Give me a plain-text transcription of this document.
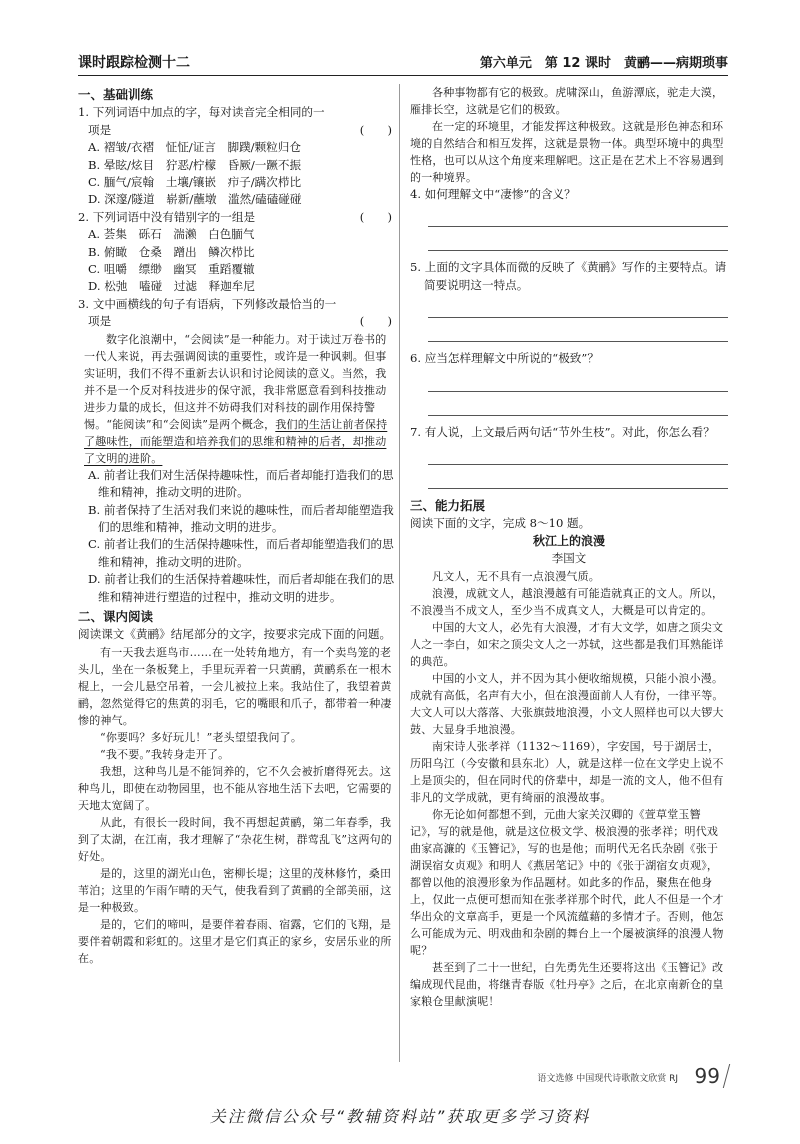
课时跟踪检测十二	第六单元　第 12 课时　黄鹂——病期琐事
一、基础训练
1. 下列词语中加点的字，每对读音完全相同的一
项是	(　　)
A. 褶皱/衣褶　怔怔/证言　脚蹼/颗粒归仓
B. 晕眩/炫目　狞恶/柠檬　昏厥/一蹶不振
C. 腼气/宸翰　土壤/镶嵌　疖子/蹒次栉比
D. 深邃/隧道　崭新/蘸墩　滥然/磕磕碰碰
2. 下列词语中没有错别字的一组是	(　　)
A. 荟集　砾石　湍濑　白色腼气
B. 俯瞰　仓桑　蹭出　鳞次栉比
C. 咀嚼　缥缈　幽冥　重蹈覆辙
D. 松弛　嗑碰　过滤　释迦牟尼
3. 文中画横线的句子有语病，下列修改最恰当的一
项是	(　　)
数字化浪潮中，“会阅读”是一种能力。对于读过万卷书的一代人来说，再去强调阅读的重要性，或许是一种讽刺。但事实证明，我们不得不重新去认识和讨论阅读的意义。当然，我并不是一个反对科技进步的保守派，我非常愿意看到科技推动进步力量的成长，但这并不妨碍我们对科技的副作用保持警惕。“能阅读”和“会阅读”是两个概念，我们的生活让前者保持了趣味性，而能塑造和培养我们的思维和精神的后者，却推动了文明的进阶。
A. 前者让我们对生活保持趣味性，而后者却能打造我们的思维和精神，推动文明的进阶。
B. 前者保持了生活对我们来说的趣味性，而后者却能塑造我们的思维和精神，推动文明的进步。
C. 前者让我们的生活保持趣味性，而后者却能塑造我们的思维和精神，推动文明的进阶。
D. 前者让我们的生活保持着趣味性，而后者却能在我们的思维和精神进行塑造的过程中，推动文明的进步。
二、课内阅读
阅读课文《黄鹂》结尾部分的文字，按要求完成下面的问题。
有一天我去逛鸟市……在一处转角地方，有一个卖鸟笼的老头儿，坐在一条板凳上，手里玩弄着一只黄鹂，黄鹂系在一根木棍上，一会儿悬空吊着，一会儿被拉上来。我站住了，我望着黄鹂，忽然觉得它的焦黄的羽毛，它的嘴眼和爪子，都带着一种凄惨的神气。
“你要吗？多好玩儿！”老头望望我问了。
“我不要。”我转身走开了。
我想，这种鸟儿是不能饲养的，它不久会被折磨得死去。这种鸟儿，即使在动物园里，也不能从容地生活下去吧，它需要的天地太宽阔了。
从此，有很长一段时间，我不再想起黄鹂，第二年春季，我到了太湖，在江南，我才理解了“杂花生树，群莺乱飞”这两句的好处。
是的，这里的湖光山色，密柳长堤；这里的茂林修竹，桑田苇泊；这里的乍雨乍晴的天气，使我看到了黄鹂的全部美丽，这是一种极致。
是的，它们的啼叫，是要伴着春雨、宿露，它们的飞翔，是要伴着朝霞和彩虹的。这里才是它们真正的家乡，安居乐业的所在。
各种事物都有它的极致。虎啸深山，鱼游潭底，驼走大漠，雁排长空，这就是它们的极致。
在一定的环境里，才能发挥这种极致。这就是形色神态和环境的自然结合和相互发挥，这就是景物一体。典型环境中的典型性格，也可以从这个角度来理解吧。这正是在艺术上不容易遇到的一种境界。
4. 如何理解文中“凄惨”的含义？
5. 上面的文字具体而微的反映了《黄鹂》写作的主要特点。请简要说明这一特点。
6. 应当怎样理解文中所说的“极致”？
7. 有人说，上文最后两句话“节外生枝”。对此，你怎么看？
三、能力拓展
阅读下面的文字，完成 8～10 题。
秋江上的浪漫
李国文
凡文人，无不具有一点浪漫气质。
浪漫，成就文人，越浪漫越有可能造就真正的文人。所以，不浪漫当不成文人，至少当不成真文人，大概是可以肯定的。
中国的大文人，必先有大浪漫，才有大文学，如唐之顶尖文人之一李白，如宋之顶尖文人之一苏轼，这些都是我们耳熟能详的典范。
中国的小文人，并不因为其小便收缩规模，只能小浪小漫。成就有高低，名声有大小，但在浪漫面前人人有份，一律平等。大文人可以大落落、大张旗鼓地浪漫，小文人照样也可以大锣大鼓、大显身手地浪漫。
南宋诗人张孝祥（1132～1169），字安国，号于湖居士，历阳乌江（今安徽和县东北）人，就是这样一位在文学史上说不上是顶尖的，但在同时代的侪辈中，却是一流的文人，他不但有非凡的文学成就，更有绮丽的浪漫故事。
你无论如何都想不到，元曲大家关汉卿的《萱草堂玉簪记》，写的就是他，就是这位极文学、极浪漫的张孝祥；明代戏曲家高濂的《玉簪记》，写的也是他；而明代无名氏杂剧《张于湖误宿女贞观》和明人《燕居笔记》中的《张于湖宿女贞观》，都曾以他的浪漫形象为作品题材。如此多的作品，聚焦在他身上，仅此一点便可想而知在张孝祥那个时代，此人不但是一个才华出众的文章高手，更是一个风流蕴藉的多情才子。否则，他怎么可能成为元、明戏曲和杂剧的舞台上一个屡被演绎的浪漫人物呢？
甚至到了二十一世纪，白先勇先生还要将这出《玉簪记》改编成现代昆曲，将继青春版《牡丹亭》之后，在北京南新仓的皇家粮仓里献演呢！
语文选修 中国现代诗歌散文欣赏 RJ 99
关注微信公众号“教辅资料站”获取更多学习资料
